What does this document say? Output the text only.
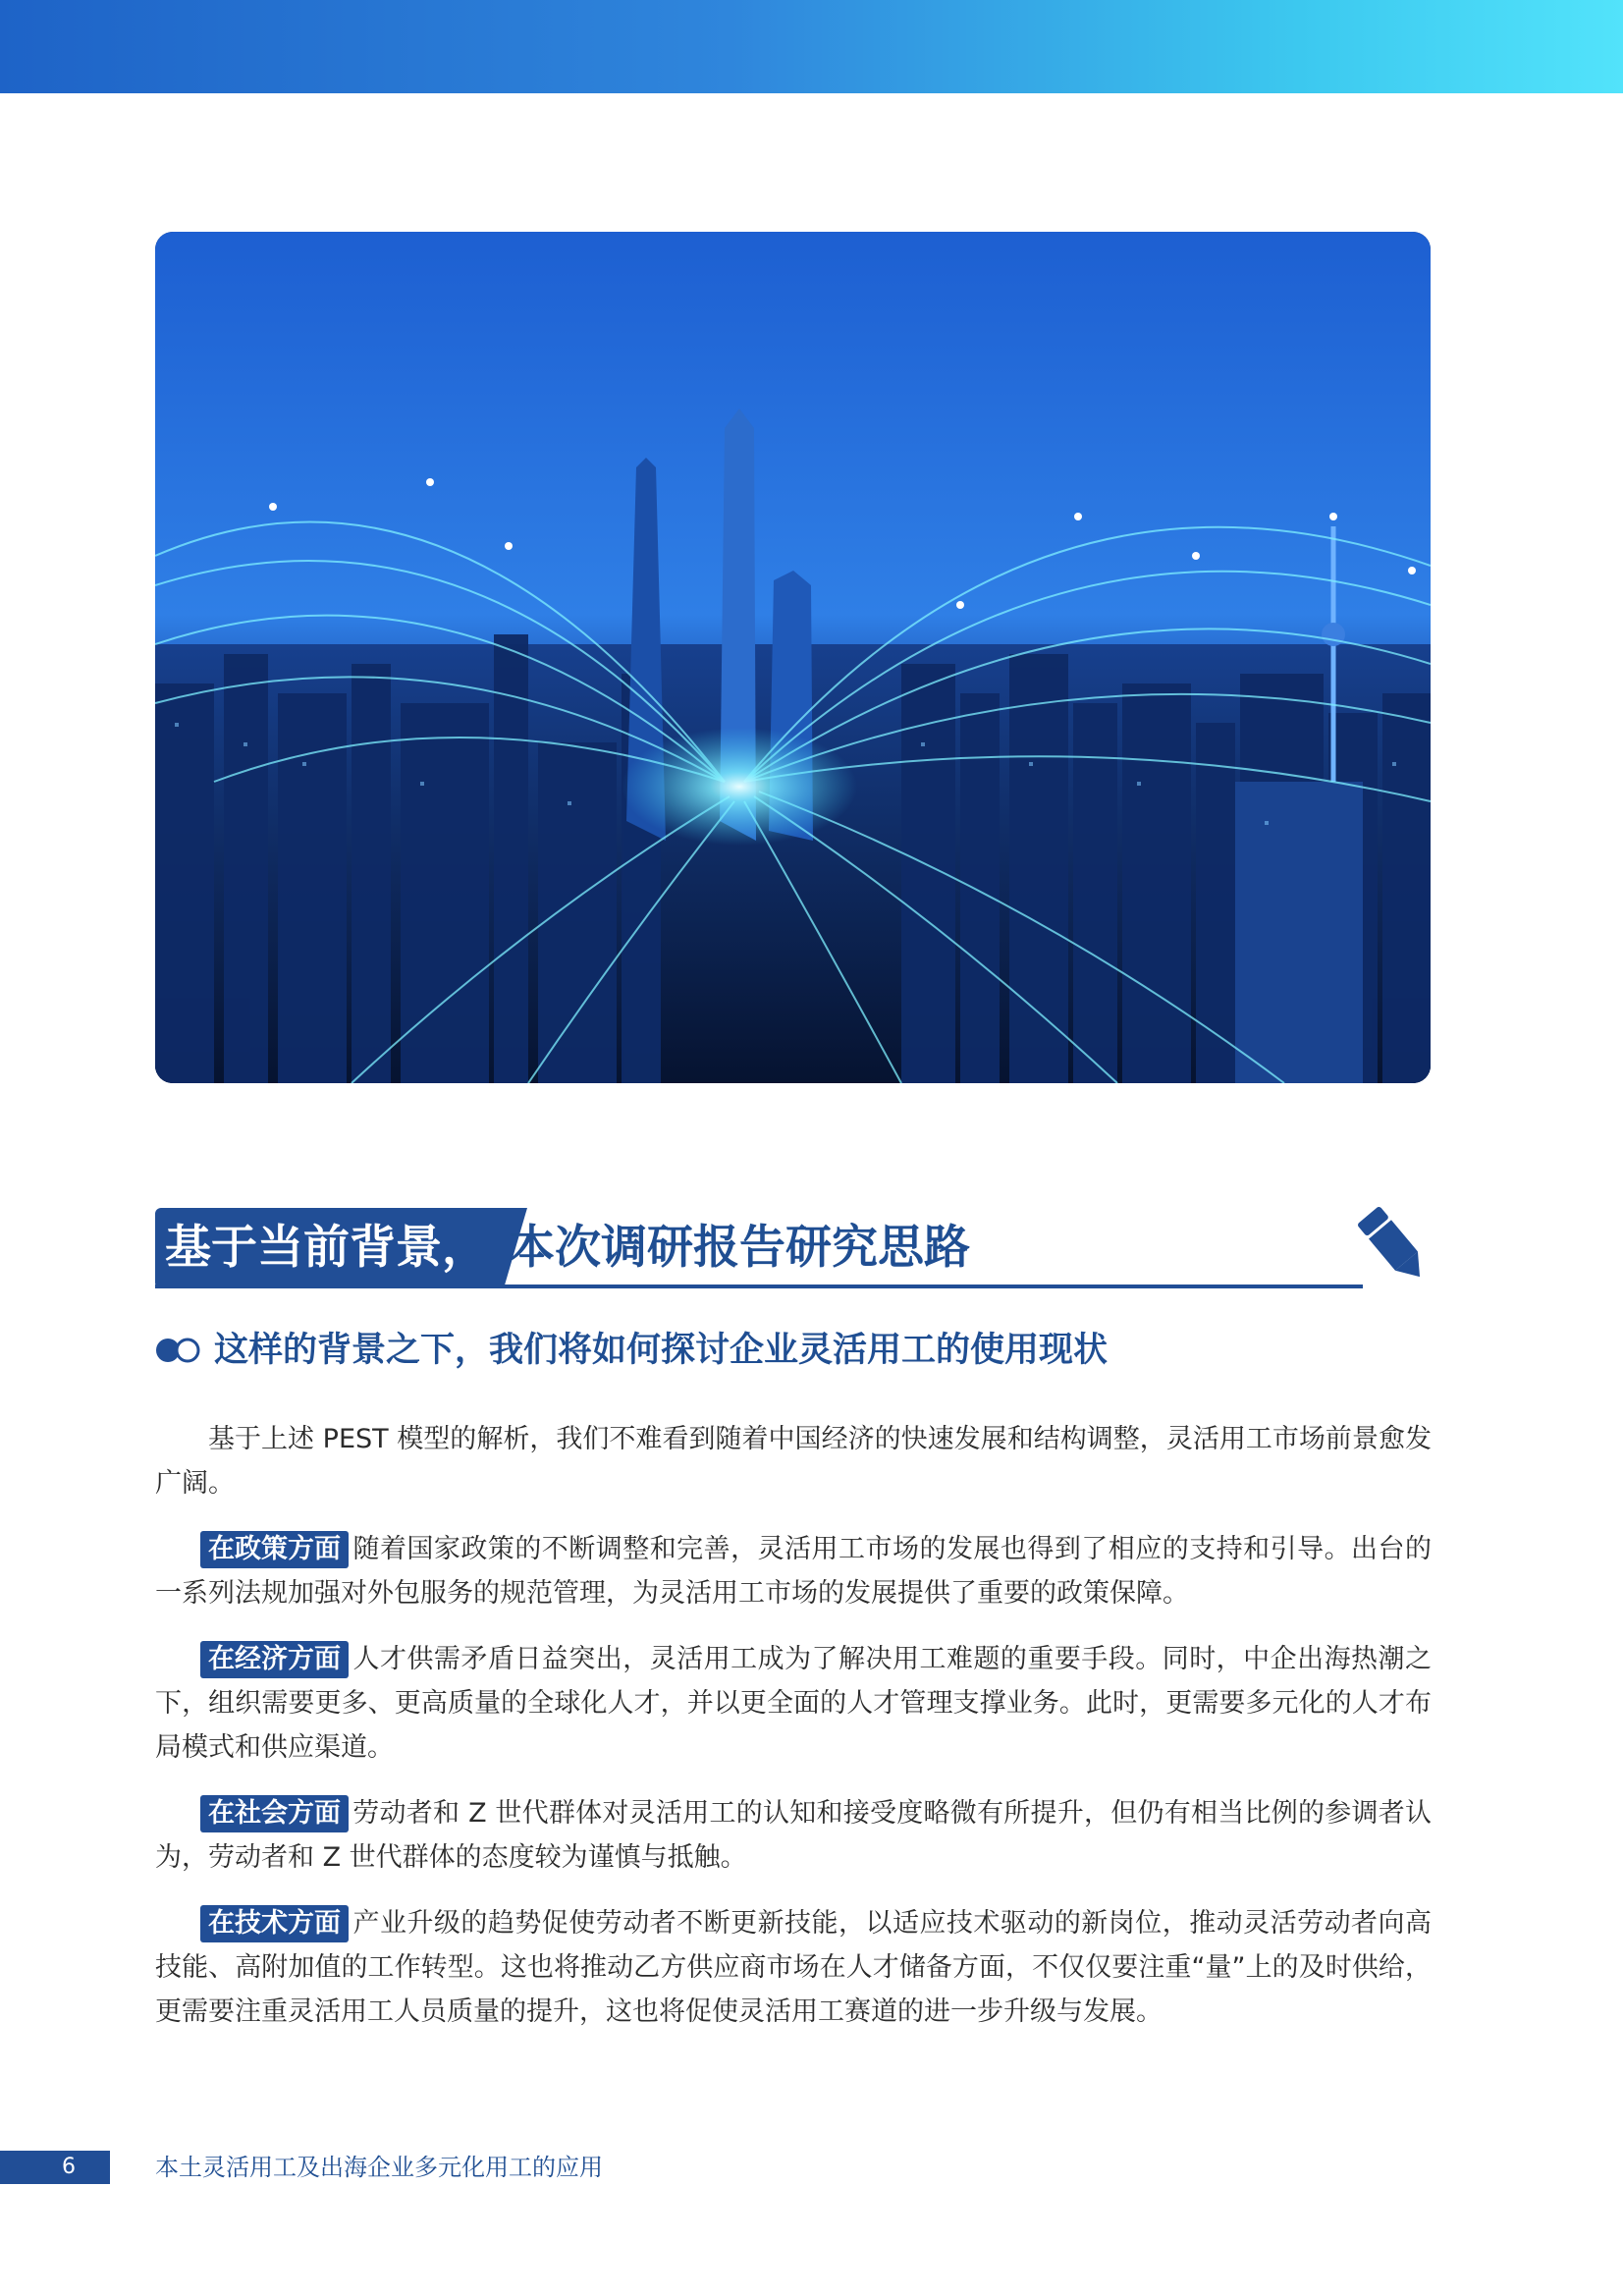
基于当前背景， 本次调研报告研究思路
这样的背景之下，我们将如何探讨企业灵活用工的使用现状

基于上述 PEST 模型的解析，我们不难看到随着中国经济的快速发展和结构调整，灵活用工市场前景愈发广阔。

在政策方面 随着国家政策的不断调整和完善，灵活用工市场的发展也得到了相应的支持和引导。出台的一系列法规加强对外包服务的规范管理，为灵活用工市场的发展提供了重要的政策保障。

在经济方面 人才供需矛盾日益突出，灵活用工成为了解决用工难题的重要手段。同时，中企出海热潮之下，组织需要更多、更高质量的全球化人才，并以更全面的人才管理支撑业务。此时，更需要多元化的人才布局模式和供应渠道。

在社会方面 劳动者和 Z 世代群体对灵活用工的认知和接受度略微有所提升，但仍有相当比例的参调者认为，劳动者和 Z 世代群体的态度较为谨慎与抵触。

在技术方面 产业升级的趋势促使劳动者不断更新技能，以适应技术驱动的新岗位，推动灵活劳动者向高技能、高附加值的工作转型。这也将推动乙方供应商市场在人才储备方面，不仅仅要注重“量”上的及时供给，更需要注重灵活用工人员质量的提升，这也将促使灵活用工赛道的进一步升级与发展。

6	本土灵活用工及出海企业多元化用工的应用
